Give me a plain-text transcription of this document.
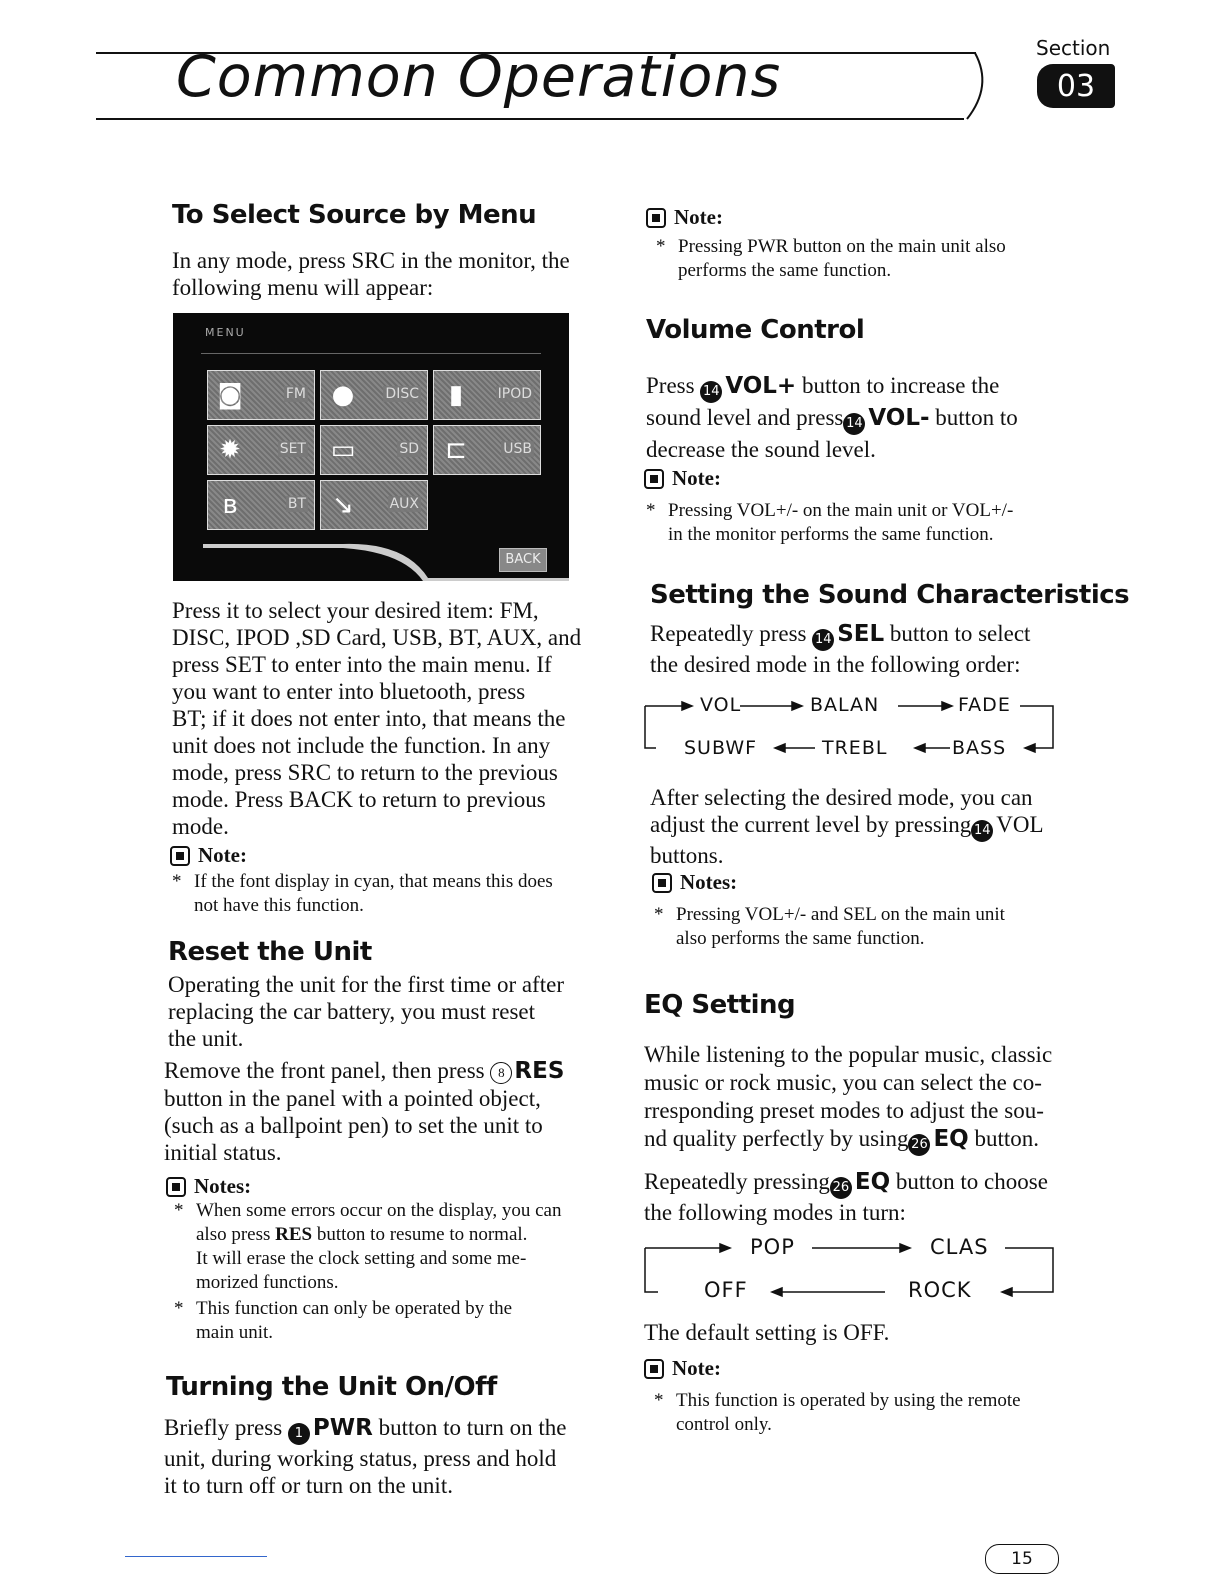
Common Operations	Section
03
To Select Source by Menu
In any mode, press SRC in the monitor, the
following menu will appear:
MENU
◙	FM ●	DISC	▮	IPOD
✹	SET ▭	SD ⊏	USB
ʙ	BT ↘	AUX
BACK
Press it to select your desired item: FM,
DISC, IPOD ,SD Card, USB, BT, AUX, and
press SET to enter into the main menu. If
you want to enter into bluetooth, press
BT; if it does not enter into, that means the
unit does not include the function. In any
mode, press SRC to return to the previous
mode. Press BACK to return to previous
mode.
Note:
* If the font display in cyan, that means this does
not have this function.
Reset the Unit
Operating the unit for the first time or after
replacing the car battery, you must reset
the unit.
Remove the front panel, then press 8 RES
button in the panel with a pointed object,
(such as a ballpoint pen) to set the unit to
initial status.
Notes:
* When some errors occur on the display, you can
also press RES button to resume to normal.
It will erase the clock setting and some me-
morized functions.
* This function can only be operated by the
main unit.
Turning the Unit On/Off
Briefly press 1 PWR button to turn on the
unit, during working status, press and hold
it to turn off or turn on the unit.
Note:
* Pressing PWR button on the main unit also
performs the same function.
Volume Control
Press 14 VOL+ button to increase the
sound level and press 14 VOL- button to
decrease the sound level.
Note:
* Pressing VOL+/- on the main unit or VOL+/-
in the monitor performs the same function.
Setting the Sound Characteristics
Repeatedly press 14 SEL button to select
the desired mode in the following order:
VOL	BALAN	FADE
SUBWF	TREBL	BASS
After selecting the desired mode, you can
adjust the current level by pressing 14 VOL
buttons.
Notes:
* Pressing VOL+/- and SEL on the main unit
also performs the same function.
EQ Setting
While listening to the popular music, classic
music or rock music, you can select the co-
rresponding preset modes to adjust the sou-
nd quality perfectly by using 26 EQ button.
Repeatedly pressing 26 EQ button to choose
the following modes in turn:
POP	CLAS
OFF	ROCK
The default setting is OFF.
Note:
* This function is operated by using the remote
control only.
15
